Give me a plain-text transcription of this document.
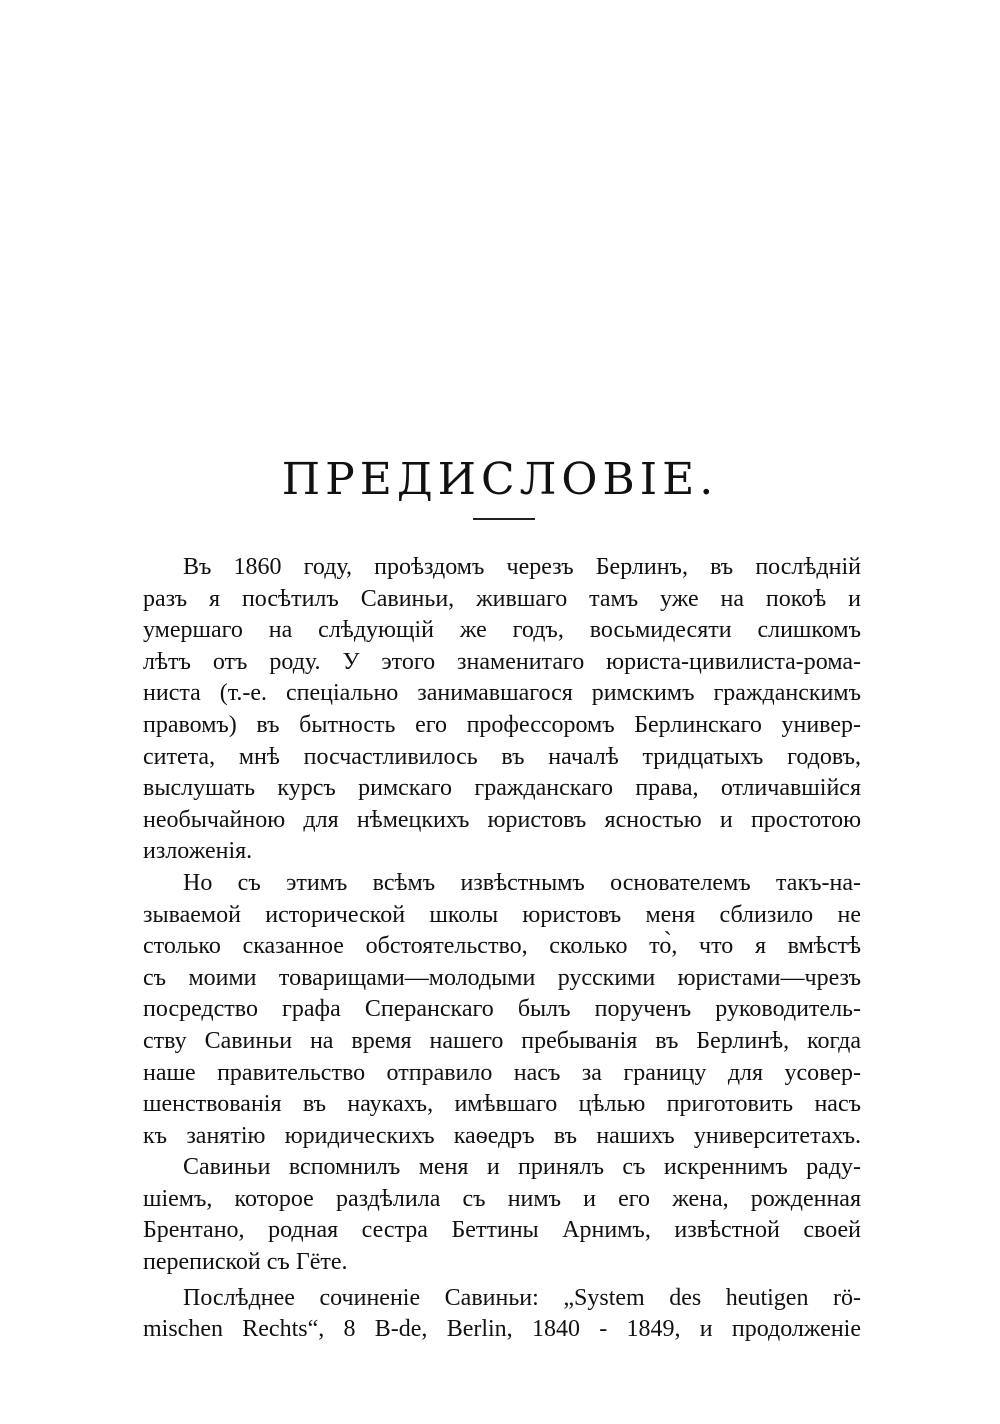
ПРЕДИСЛОВІЕ.
Въ 1860 году, проѣздомъ черезъ Берлинъ, въ послѣдній
разъ я посѣтилъ Савиньи, жившаго тамъ уже на покоѣ и
умершаго на слѣдующій же годъ, восьмидесяти слишкомъ
лѣтъ отъ роду. У этого знаменитаго юриста-цивилиста-рома-
ниста (т.-е. спеціально занимавшагося римскимъ гражданскимъ
правомъ) въ бытность его профессоромъ Берлинскаго универ-
ситета, мнѣ посчастливилось въ началѣ тридцатыхъ годовъ,
выслушать курсъ римскаго гражданскаго права, отличавшійся
необычайною для нѣмецкихъ юристовъ ясностью и простотою
изложенія.
Но съ этимъ всѣмъ извѣстнымъ основателемъ такъ-на-
зываемой исторической школы юристовъ меня сблизило не
столько сказанное обстоятельство, сколько то̀, что я вмѣстѣ
съ моими товарищами—молодыми русскими юристами—чрезъ
посредство графа Сперанскаго былъ порученъ руководитель-
ству Савиньи на время нашего пребыванія въ Берлинѣ, когда
наше правительство отправило насъ за границу для усовер-
шенствованія въ наукахъ, имѣвшаго цѣлью приготовить насъ
къ занятію юридическихъ каѳедръ въ нашихъ университетахъ.
Савиньи вспомнилъ меня и принялъ съ искреннимъ раду-
шіемъ, которое раздѣлила съ нимъ и его жена, рожденная
Брентано, родная сестра Беттины Арнимъ, извѣстной своей
перепиской съ Гёте.
Послѣднее сочиненіе Савиньи: „System des heutigen rö-
mischen Rechts“, 8 B-de, Berlin, 1840 - 1849, и продолженіе
